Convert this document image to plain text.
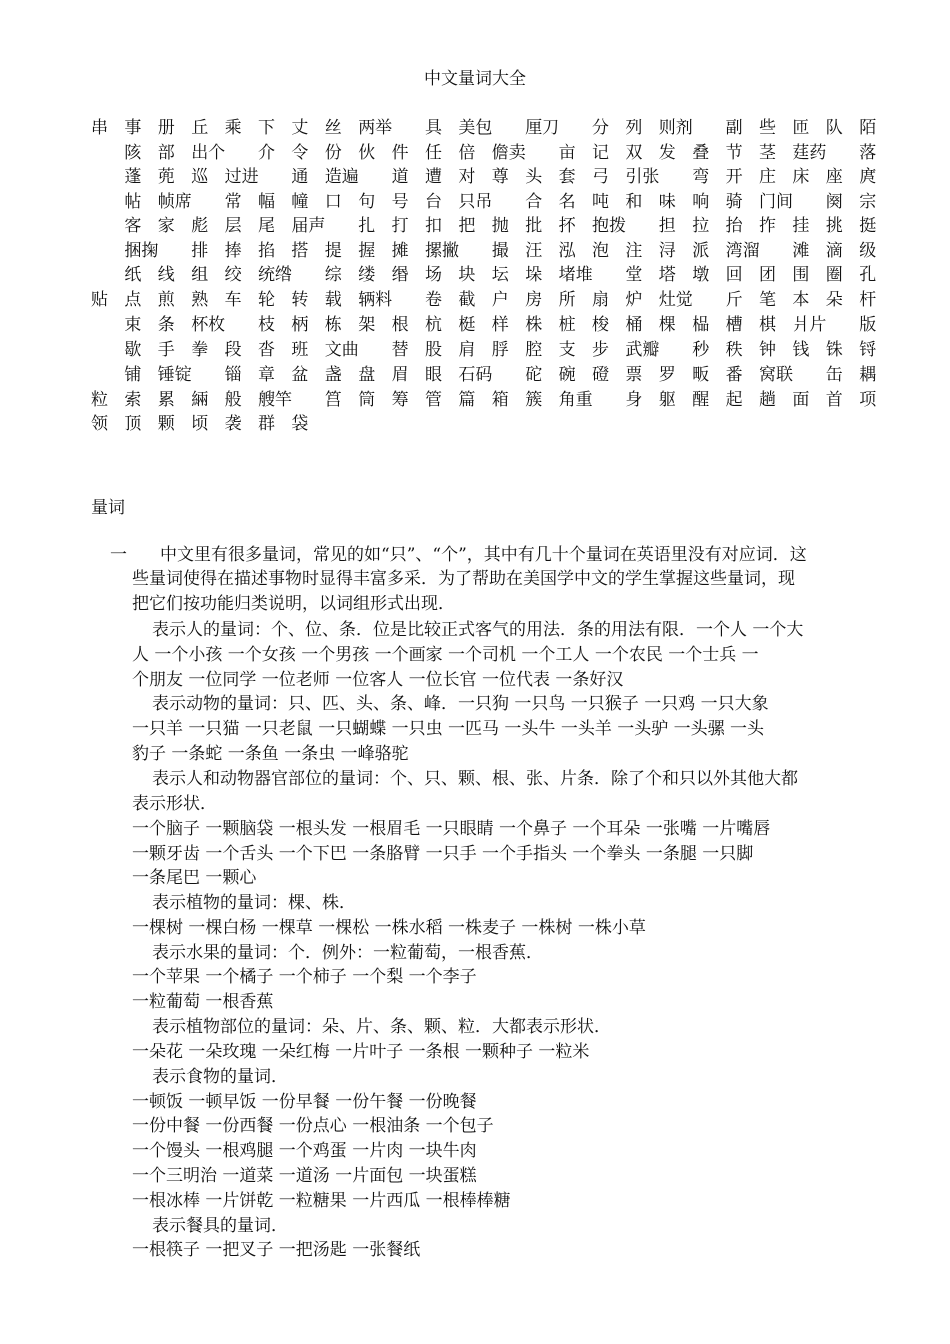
中文量词大全
串 事 册 丘 乘 下 丈 丝 两举 具 美包 厘刀 分 列 则剂 副 些 匝 队 陌
陔 部 出个 介 令 份 伙 件 任 倍 儋卖 亩 记 双 发 叠 节 茎 莛药 落
蓬 蔸 巡 过进 通 造遍 道 遭 对 尊 头 套 弓 引张 弯 开 庄 床 座 庹
帖 帧席 常 幅 幢 口 句 号 台 只吊 合 名 吨 和 味 响 骑 门间 阕 宗
客 家 彪 层 尾 届声 扎 打 扣 把 抛 批 抔 抱拨 担 拉 抬 拃 挂 挑 挺
捆掬 排 捧 掐 搭 提 握 摊 摞撇 撮 汪 泓 泡 注 浔 派 湾溜 滩 滴 级
纸 线 组 绞 统绺 综 缕 缗 场 块 坛 垛 堵堆 堂 塔 墩 回 团 围 圈 孔
贴 点 煎 熟 车 轮 转 载 辆料 卷 截 户 房 所 扇 炉 灶觉 斤 笔 本 朵 杆
束 条 杯枚 枝 柄 栋 架 根 杭 梃 样 株 桩 梭 桶 棵 榀 槽 棋 爿片 版
歇 手 拳 段 沓 班 文曲 替 股 肩 脬 腔 支 步 武瓣 秒 秩 钟 钱 铢 锊
铺 锤锭 锱 章 盆 盏 盘 眉 眼 石码 砣 碗 磴 票 罗 畈 番 窝联 缶 耦
粒 索 累 緉 般 艘竿 筥 筒 筹 管 篇 箱 簇 角重 身 躯 醒 起 趟 面 首 项
领 顶 颗 顷 袭 群 袋
量词
一 中文里有很多量词，常见的如“只”、“个”，其中有几十个量词在英语里没有对应词．这
些量词使得在描述事物时显得丰富多采．为了帮助在美国学中文的学生掌握这些量词，现
把它们按功能归类说明，以词组形式出现．
表示人的量词：个、位、条．位是比较正式客气的用法．条的用法有限．一个人 一个大
人 一个小孩 一个女孩 一个男孩 一个画家 一个司机 一个工人 一个农民 一个士兵 一
个朋友 一位同学 一位老师 一位客人 一位长官 一位代表 一条好汉
表示动物的量词：只、匹、头、条、峰．一只狗 一只鸟 一只猴子 一只鸡 一只大象
一只羊 一只猫 一只老鼠 一只蝴蝶 一只虫 一匹马 一头牛 一头羊 一头驴 一头骡 一头
豹子 一条蛇 一条鱼 一条虫 一峰骆驼
表示人和动物器官部位的量词：个、只、颗、根、张、片条．除了个和只以外其他大都
表示形状．
一个脑子 一颗脑袋 一根头发 一根眉毛 一只眼睛 一个鼻子 一个耳朵 一张嘴 一片嘴唇
一颗牙齿 一个舌头 一个下巴 一条胳臂 一只手 一个手指头 一个拳头 一条腿 一只脚
一条尾巴 一颗心
表示植物的量词：棵、株．
一棵树 一棵白杨 一棵草 一棵松 一株水稻 一株麦子 一株树 一株小草
表示水果的量词：个．例外：一粒葡萄，一根香蕉．
一个苹果 一个橘子 一个柿子 一个梨 一个李子
一粒葡萄 一根香蕉
表示植物部位的量词：朵、片、条、颗、粒．大都表示形状．
一朵花 一朵玫瑰 一朵红梅 一片叶子 一条根 一颗种子 一粒米
表示食物的量词．
一顿饭 一顿早饭 一份早餐 一份午餐 一份晚餐
一份中餐 一份西餐 一份点心 一根油条 一个包子
一个馒头 一根鸡腿 一个鸡蛋 一片肉 一块牛肉
一个三明治 一道菜 一道汤 一片面包 一块蛋糕
一根冰棒 一片饼乾 一粒糖果 一片西瓜 一根棒棒糖
表示餐具的量词．
一根筷子 一把叉子 一把汤匙 一张餐纸
